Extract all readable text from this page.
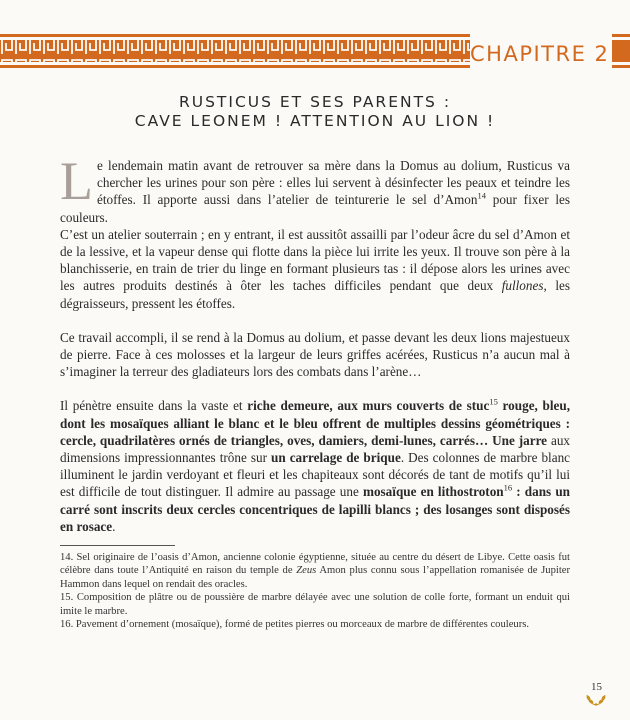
CHAPITRE 2
RUSTICUS ET SES PARENTS :
CAVE LEONEM ! ATTENTION AU LION !

Le lendemain matin avant de retrouver sa mère dans la Domus au dolium, Rusticus va chercher les urines pour son père : elles lui servent à désinfecter les peaux et teindre les étoffes. Il apporte aussi dans l’atelier de teinturerie le sel d’Amon$^{14}$ pour fixer les couleurs.

C’est un atelier souterrain ; en y entrant, il est aussitôt assailli par l’odeur âcre du sel d’Amon et de la lessive, et la vapeur dense qui flotte dans la pièce lui irrite les yeux. Il trouve son père à la blanchisserie, en train de trier du linge en formant plusieurs tas : il dépose alors les urines avec les autres produits destinés à ôter les taches difficiles pendant que deux fullones, les dégraisseurs, pressent les étoffes.

Ce travail accompli, il se rend à la Domus au dolium, et passe devant les deux lions majestueux de pierre. Face à ces molosses et la largeur de leurs griffes acérées, Rusticus n’a aucun mal à s’imaginer la terreur des gladiateurs lors des combats dans l’arène…

Il pénètre ensuite dans la vaste et riche demeure, aux murs couverts de stuc$^{15}$ rouge, bleu, dont les mosaïques alliant le blanc et le bleu offrent de multiples dessins géométriques : cercle, quadrilatères ornés de triangles, oves, damiers, demi-lunes, carrés… Une jarre aux dimensions impressionnantes trône sur un carrelage de brique. Des colonnes de marbre blanc illuminent le jardin verdoyant et fleuri et les chapiteaux sont décorés de tant de motifs qu’il lui est difficile de tout distinguer. Il admire au passage une mosaïque en lithostroton$^{16}$ : dans un carré sont inscrits deux cercles concentriques de lapilli blancs ; des losanges sont disposés en rosace.

14. Sel originaire de l’oasis d’Amon, ancienne colonie égyptienne, située au centre du désert de Libye. Cette oasis fut célèbre dans toute l’Antiquité en raison du temple de Zeus Amon plus connu sous l’appellation romanisée de Jupiter Hammon dans lequel on rendait des oracles.

15. Composition de plâtre ou de poussière de marbre délayée avec une solution de colle forte, formant un enduit qui imite le marbre.

16. Pavement d’ornement (mosaïque), formé de petites pierres ou morceaux de marbre de différentes couleurs.

15
